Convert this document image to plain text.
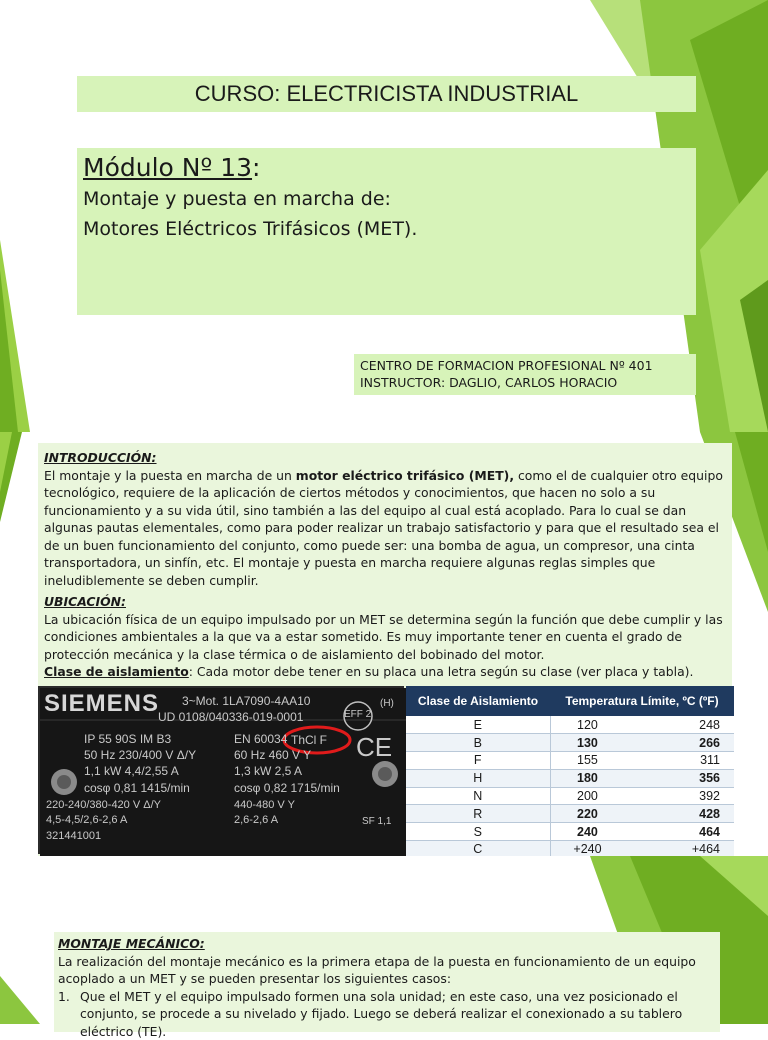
CURSO: ELECTRICISTA INDUSTRIAL
Módulo Nº 13:
Montaje y puesta en marcha de:
Motores Eléctricos Trifásicos (MET).
CENTRO DE FORMACION PROFESIONAL Nº 401
INSTRUCTOR: DAGLIO, CARLOS HORACIO
INTRODUCCIÓN:
El montaje y la puesta en marcha de un motor eléctrico trifásico (MET), como el de cualquier otro equipo tecnológico, requiere de la aplicación de ciertos métodos y conocimientos, que hacen no solo a su funcionamiento y a su vida útil, sino también a las del equipo al cual está acoplado. Para lo cual se dan algunas pautas elementales, como para poder realizar un trabajo satisfactorio y para que el resultado sea el de un buen funcionamiento del conjunto, como puede ser: una bomba de agua, un compresor, una cinta transportadora, un sinfín, etc. El montaje y puesta en marcha requiere algunas reglas simples que ineludiblemente se deben cumplir.
UBICACIÓN:
La ubicación física de un equipo impulsado por un MET se determina según la función que debe cumplir y las condiciones ambientales a la que va a estar sometido. Es muy importante tener en cuenta el grado de protección mecánica y la clase térmica o de aislamiento del bobinado del motor.
Clase de aislamiento: Cada motor debe tener en su placa una letra según su clase (ver placa y tabla).
SIEMENS 3~Mot. 1LA7090-4AA10
UD 0108/040336-019-0001
IP 55 90S IM B3	EN 60034 ThCl F
EFF 2
CE
(H)
50 Hz 230/400 V Δ/Y	60 Hz 460 V Y
1,1 kW 4,4/2,55 A	1,3 kW 2,5 A
cosφ 0,81 1415/min	cosφ 0,82 1715/min
220-240/380-420 V Δ/Y	440-480 V Y
4,5-4,5/2,6-2,6 A	2,6-2,6 A	SF 1,1
321441001
Clase de Aislamiento	Temperatura Límite, ºC (ºF)	
E	120	248
B	130	266
F	155	311
H	180	356
N	200	392
R	220	428
S	240	464
C	+240	+464
MONTAJE MECÁNICO:
La realización del montaje mecánico es la primera etapa de la puesta en funcionamiento de un equipo acoplado a un MET y se pueden presentar los siguientes casos:
1. Que el MET y el equipo impulsado formen una sola unidad; en este caso, una vez posicionado el conjunto, se procede a su nivelado y fijado. Luego se deberá realizar el conexionado a su tablero eléctrico (TE).
